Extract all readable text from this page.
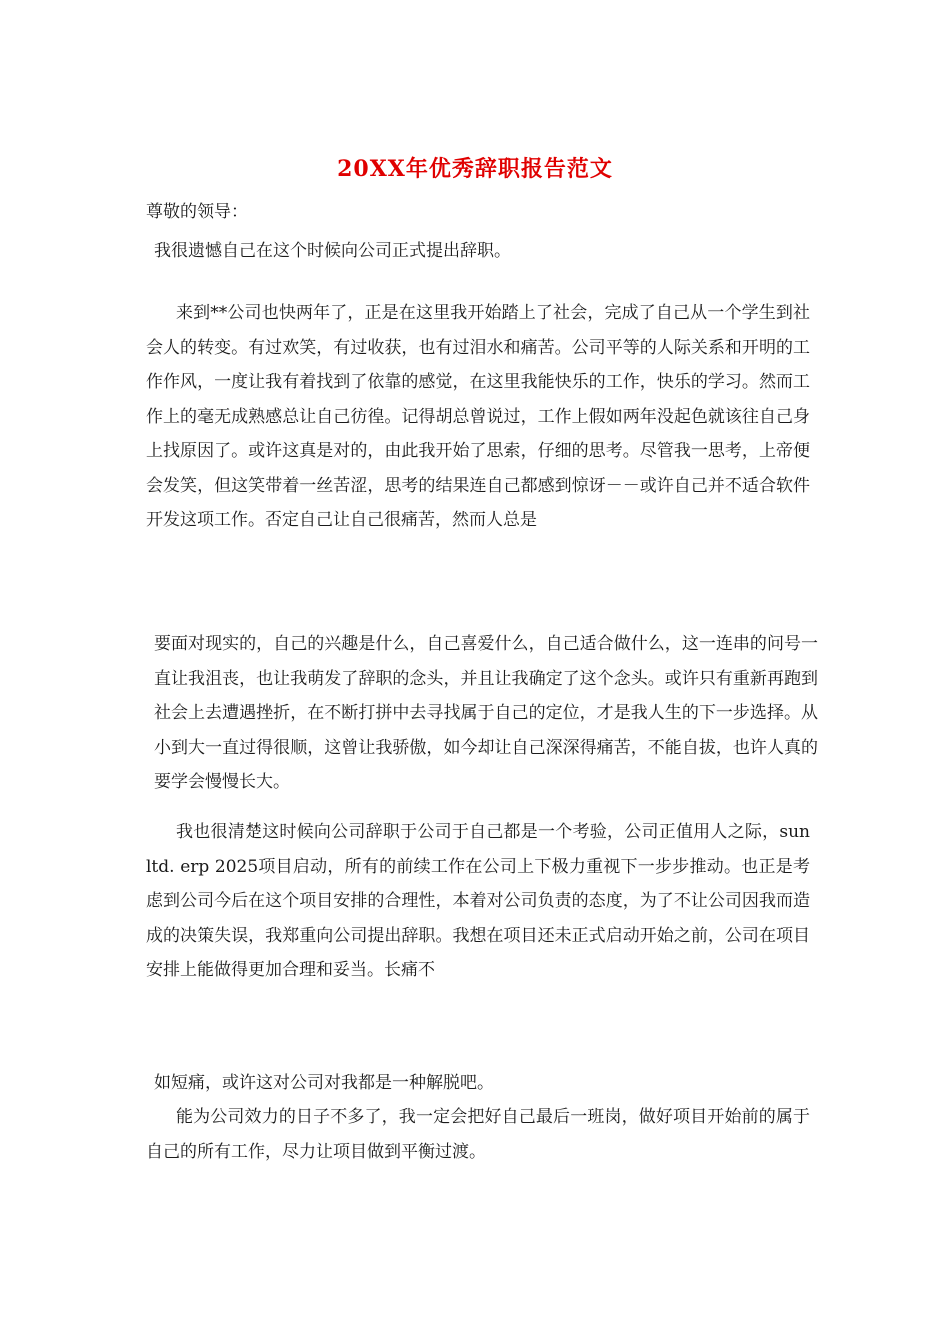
20XX年优秀辞职报告范文
尊敬的领导：

我很遗憾自己在这个时候向公司正式提出辞职。

来到**公司也快两年了，正是在这里我开始踏上了社会，完成了自己从一个学生到社会人的转变。有过欢笑，有过收获，也有过泪水和痛苦。公司平等的人际关系和开明的工作作风，一度让我有着找到了依靠的感觉，在这里我能快乐的工作，快乐的学习。然而工作上的毫无成熟感总让自己彷徨。记得胡总曾说过，工作上假如两年没起色就该往自己身上找原因了。或许这真是对的，由此我开始了思索，仔细的思考。尽管我一思考，上帝便会发笑，但这笑带着一丝苦涩，思考的结果连自己都感到惊讶－－或许自己并不适合软件开发这项工作。否定自己让自己很痛苦，然而人总是

要面对现实的，自己的兴趣是什么，自己喜爱什么，自己适合做什么，这一连串的问号一直让我沮丧，也让我萌发了辞职的念头，并且让我确定了这个念头。或许只有重新再跑到社会上去遭遇挫折，在不断打拼中去寻找属于自己的定位，才是我人生的下一步选择。从小到大一直过得很顺，这曾让我骄傲，如今却让自己深深得痛苦，不能自拔，也许人真的要学会慢慢长大。

我也很清楚这时候向公司辞职于公司于自己都是一个考验，公司正值用人之际，sun ltd. erp 2025项目启动，所有的前续工作在公司上下极力重视下一步步推动。也正是考虑到公司今后在这个项目安排的合理性，本着对公司负责的态度，为了不让公司因我而造成的决策失误，我郑重向公司提出辞职。我想在项目还未正式启动开始之前，公司在项目安排上能做得更加合理和妥当。长痛不

如短痛，或许这对公司对我都是一种解脱吧。

能为公司效力的日子不多了，我一定会把好自己最后一班岗，做好项目开始前的属于自己的所有工作，尽力让项目做到平衡过渡。
